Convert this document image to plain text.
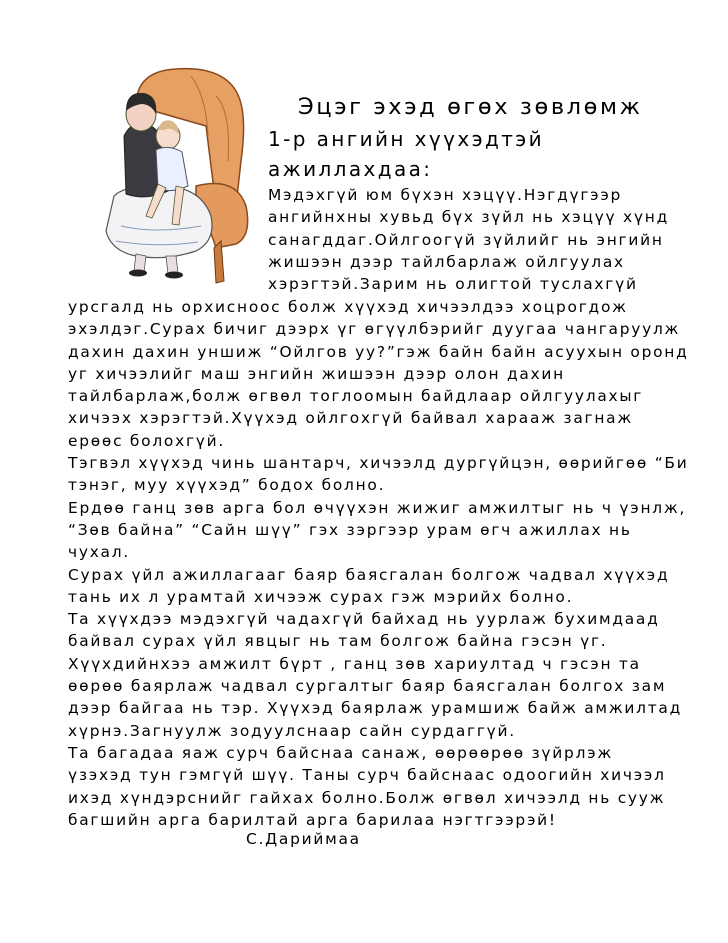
Эцэг эхэд өгөх зөвлөмж
1-р ангийн хүүхэдтэй
ажиллахдаа:
Мэдэхгүй юм бүхэн хэцүү.Нэгдүгээр
ангийнхны хувьд бүх зүйл нь хэцүү хүнд
санагддаг.Ойлгоогүй зүйлийг нь энгийн
жишээн дээр тайлбарлаж ойлгуулах
хэрэгтэй.Зарим нь олигтой туслахгүй
урсгалд нь орхисноос болж хүүхэд хичээлдээ хоцрогдож
эхэлдэг.Сурах бичиг дээрх үг өгүүлбэрийг дуугаа чангаруулж
дахин дахин уншиж “Ойлгов уу?”гэж байн байн асуухын оронд
уг хичээлийг маш энгийн жишээн дээр олон дахин
тайлбарлаж,болж өгвөл тоглоомын байдлаар ойлгуулахыг
хичээх хэрэгтэй.Хүүхэд ойлгохгүй байвал харааж загнаж
ерөөс болохгүй.
Тэгвэл хүүхэд чинь шантарч, хичээлд дургүйцэн, өөрийгөө “Би
тэнэг, муу хүүхэд” бодох болно.
Ердөө ганц зөв арга бол өчүүхэн жижиг амжилтыг нь ч үэнлж,
“Зөв байна” “Сайн шүү” гэх зэргээр урам өгч ажиллах нь
чухал.
Сурах үйл ажиллагааг баяр баясгалан болгож чадвал хүүхэд
тань их л урамтай хичээж сурах гэж мэрийх болно.
Та хүүхдээ мэдэхгүй чадахгүй байхад нь уурлаж бухимдаад
байвал сурах үйл явцыг нь там болгож байна гэсэн үг.
Хүүхдийнхээ амжилт бүрт , ганц зөв хариултад ч гэсэн та
өөрөө баярлаж чадвал сургалтыг баяр баясгалан болгох зам
дээр байгаа нь тэр. Хүүхэд баярлаж урамшиж байж амжилтад
хүрнэ.Загнуулж зодуулснаар сайн сурдаггүй.
Та багадаа яаж сурч байснаа санаж, өөрөөрөө зүйрлэж
үзэхэд тун гэмгүй шүү. Таны сурч байснаас одоогийн хичээл
ихэд хүндэрснийг гайхах болно.Болж өгвөл хичээлд нь сууж
багшийн арга барилтай арга барилаа нэгтгээрэй!
С.Дариймаа
